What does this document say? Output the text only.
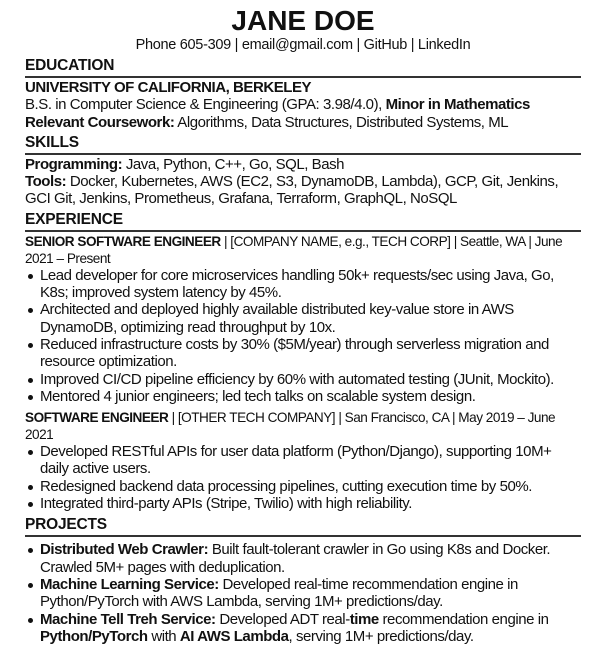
JANE DOE
Phone 605-309 | email@gmail.com | GitHub | LinkedIn
EDUCATION
UNIVERSITY OF CALIFORNIA, BERKELEY
B.S. in Computer Science & Engineering (GPA: 3.98/4.0), Minor in Mathematics
Relevant Coursework: Algorithms, Data Structures, Distributed Systems, ML
SKILLS
Programming: Java, Python, C++, Go, SQL, Bash
Tools: Docker, Kubernetes, AWS (EC2, S3, DynamoDB, Lambda), GCP, Git, Jenkins, GCI Git, Jenkins, Prometheus, Grafana, Terraform, GraphQL, NoSQL
EXPERIENCE
SENIOR SOFTWARE ENGINEER | [COMPANY NAME, e.g., TECH CORP] | Seattle, WA | June 2021 – Present
Lead developer for core microservices handling 50k+ requests/sec using Java, Go, K8s; improved system latency by 45%.
Architected and deployed highly available distributed key-value store in AWS DynamoDB, optimizing read throughput by 10x.
Reduced infrastructure costs by 30% ($5M/year) through serverless migration and resource optimization.
Improved CI/CD pipeline efficiency by 60% with automated testing (JUnit, Mockito).
Mentored 4 junior engineers; led tech talks on scalable system design.
SOFTWARE ENGINEER | [OTHER TECH COMPANY] | San Francisco, CA | May 2019 – June 2021
Developed RESTful APIs for user data platform (Python/Django), supporting 10M+ daily active users.
Redesigned backend data processing pipelines, cutting execution time by 50%.
Integrated third-party APIs (Stripe, Twilio) with high reliability.
PROJECTS
Distributed Web Crawler: Built fault-tolerant crawler in Go using K8s and Docker. Crawled 5M+ pages with deduplication.
Machine Learning Service: Developed real-time recommendation engine in Python/PyTorch with AWS Lambda, serving 1M+ predictions/day.
Machine Tell Treh Service: Developed ADT real-time recommendation engine in Python/PyTorch with AI AWS Lambda, serving 1M+ predictions/day.
